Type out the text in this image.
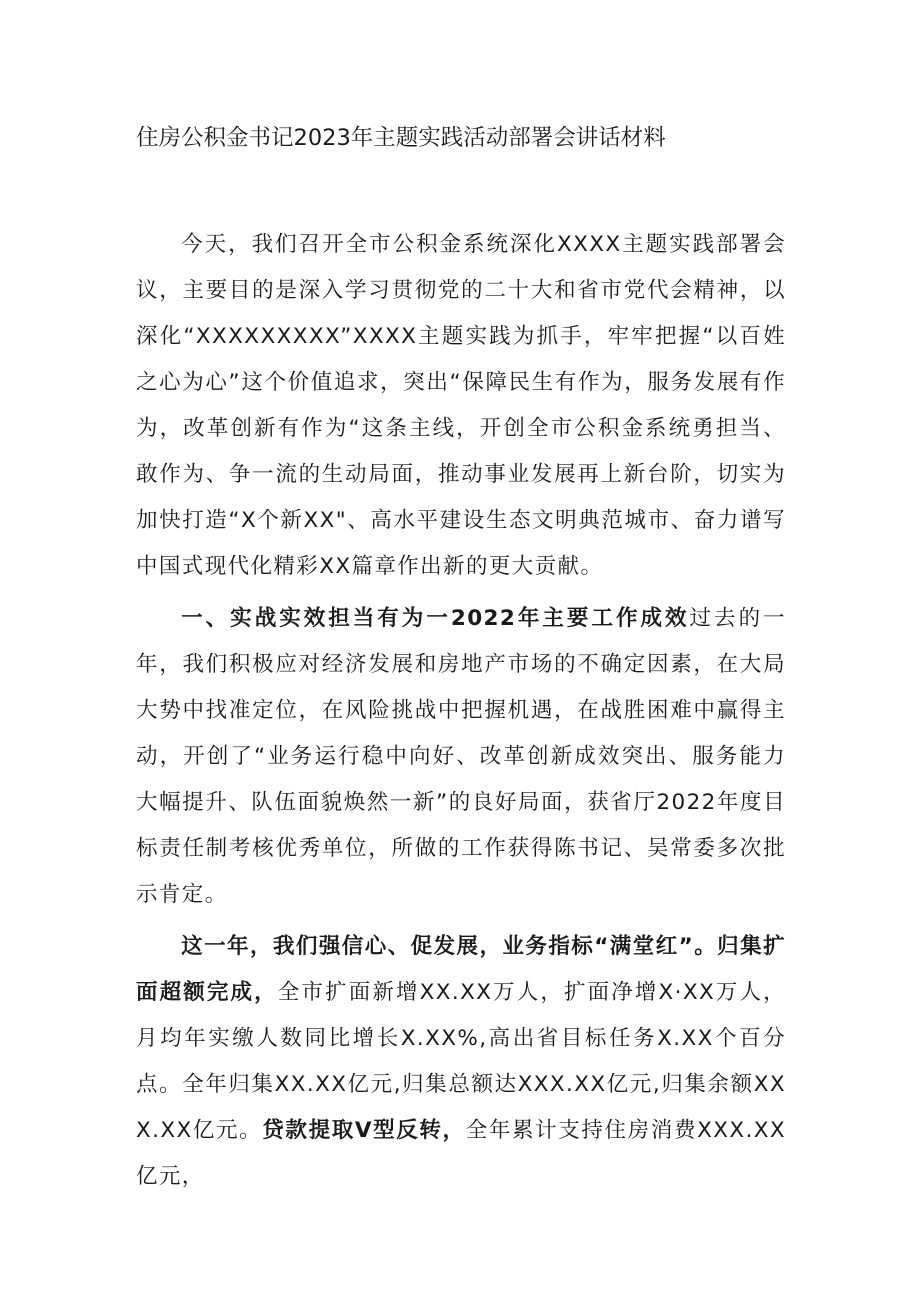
住房公积金书记2023年主题实践活动部署会讲话材料

今天，我们召开全市公积金系统深化XXXX主题实践部署会议，主要目的是深入学习贯彻党的二十大和省市党代会精神，以深化“XXXXXXXXX”XXXX主题实践为抓手，牢牢把握“以百姓之心为心”这个价值追求，突出“保障民生有作为，服务发展有作为，改革创新有作为“这条主线，开创全市公积金系统勇担当、敢作为、争一流的生动局面，推动事业发展再上新台阶，切实为加快打造“X个新XX"、高水平建设生态文明典范城市、奋力谱写中国式现代化精彩XX篇章作出新的更大贡献。

一、实战实效担当有为一2022年主要工作成效过去的一年，我们积极应对经济发展和房地产市场的不确定因素，在大局大势中找准定位，在风险挑战中把握机遇，在战胜困难中赢得主动，开创了“业务运行稳中向好、改革创新成效突出、服务能力大幅提升、队伍面貌焕然一新”的良好局面，获省厅2022年度目标责任制考核优秀单位，所做的工作获得陈书记、吴常委多次批示肯定。

这一年，我们强信心、促发展，业务指标“满堂红”。归集扩面超额完成，全市扩面新增XX.XX万人，扩面净增X·XX万人，月均年实缴人数同比增长X.XX%,高出省目标任务X.XX个百分点。全年归集XX.XX亿元,归集总额达XXX.XX亿元,归集余额XXX.XX亿元。贷款提取V型反转，全年累计支持住房消费XXX.XX亿元，
